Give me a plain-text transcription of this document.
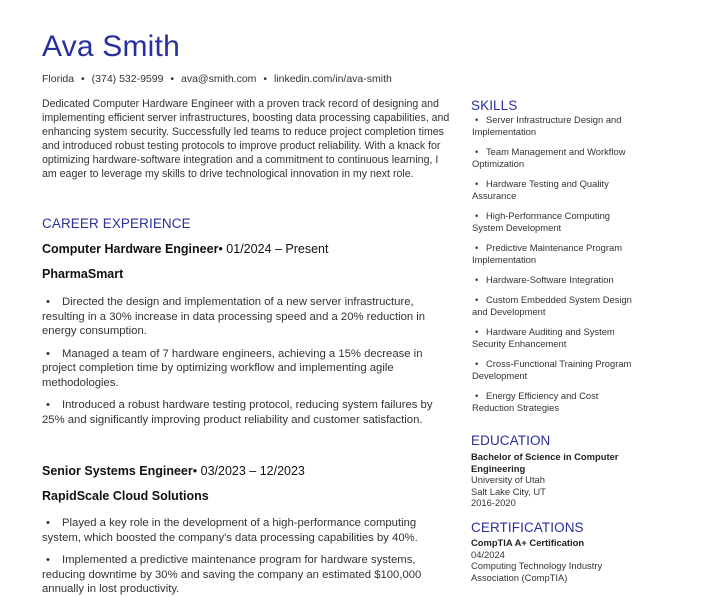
Ava Smith
Florida • (374) 532-9599 • ava@smith.com • linkedin.com/in/ava-smith
Dedicated Computer Hardware Engineer with a proven track record of designing and implementing efficient server infrastructures, boosting data processing capabilities, and enhancing system security. Successfully led teams to reduce project completion times and introduced robust testing protocols to improve product reliability. With a knack for optimizing hardware-software integration and a commitment to continuous learning, I am eager to leverage my skills to drive technological innovation in my next role.
CAREER EXPERIENCE
Computer Hardware Engineer• 01/2024 – Present
PharmaSmart
• Directed the design and implementation of a new server infrastructure, resulting in a 30% increase in data processing speed and a 20% reduction in energy consumption.
• Managed a team of 7 hardware engineers, achieving a 15% decrease in project completion time by optimizing workflow and implementing agile methodologies.
• Introduced a robust hardware testing protocol, reducing system failures by 25% and significantly improving product reliability and customer satisfaction.
Senior Systems Engineer• 03/2023 – 12/2023
RapidScale Cloud Solutions
• Played a key role in the development of a high-performance computing system, which boosted the company's data processing capabilities by 40%.
• Implemented a predictive maintenance program for hardware systems, reducing downtime by 30% and saving the company an estimated $100,000 annually in lost productivity.
SKILLS
• Server Infrastructure Design and Implementation
• Team Management and Workflow Optimization
• Hardware Testing and Quality Assurance
• High-Performance Computing System Development
• Predictive Maintenance Program Implementation
• Hardware-Software Integration
• Custom Embedded System Design and Development
• Hardware Auditing and System Security Enhancement
• Cross-Functional Training Program Development
• Energy Efficiency and Cost Reduction Strategies
EDUCATION
Bachelor of Science in Computer Engineering
University of Utah
Salt Lake City, UT
2016-2020
CERTIFICATIONS
CompTIA A+ Certification
04/2024
Computing Technology Industry Association (CompTIA)
